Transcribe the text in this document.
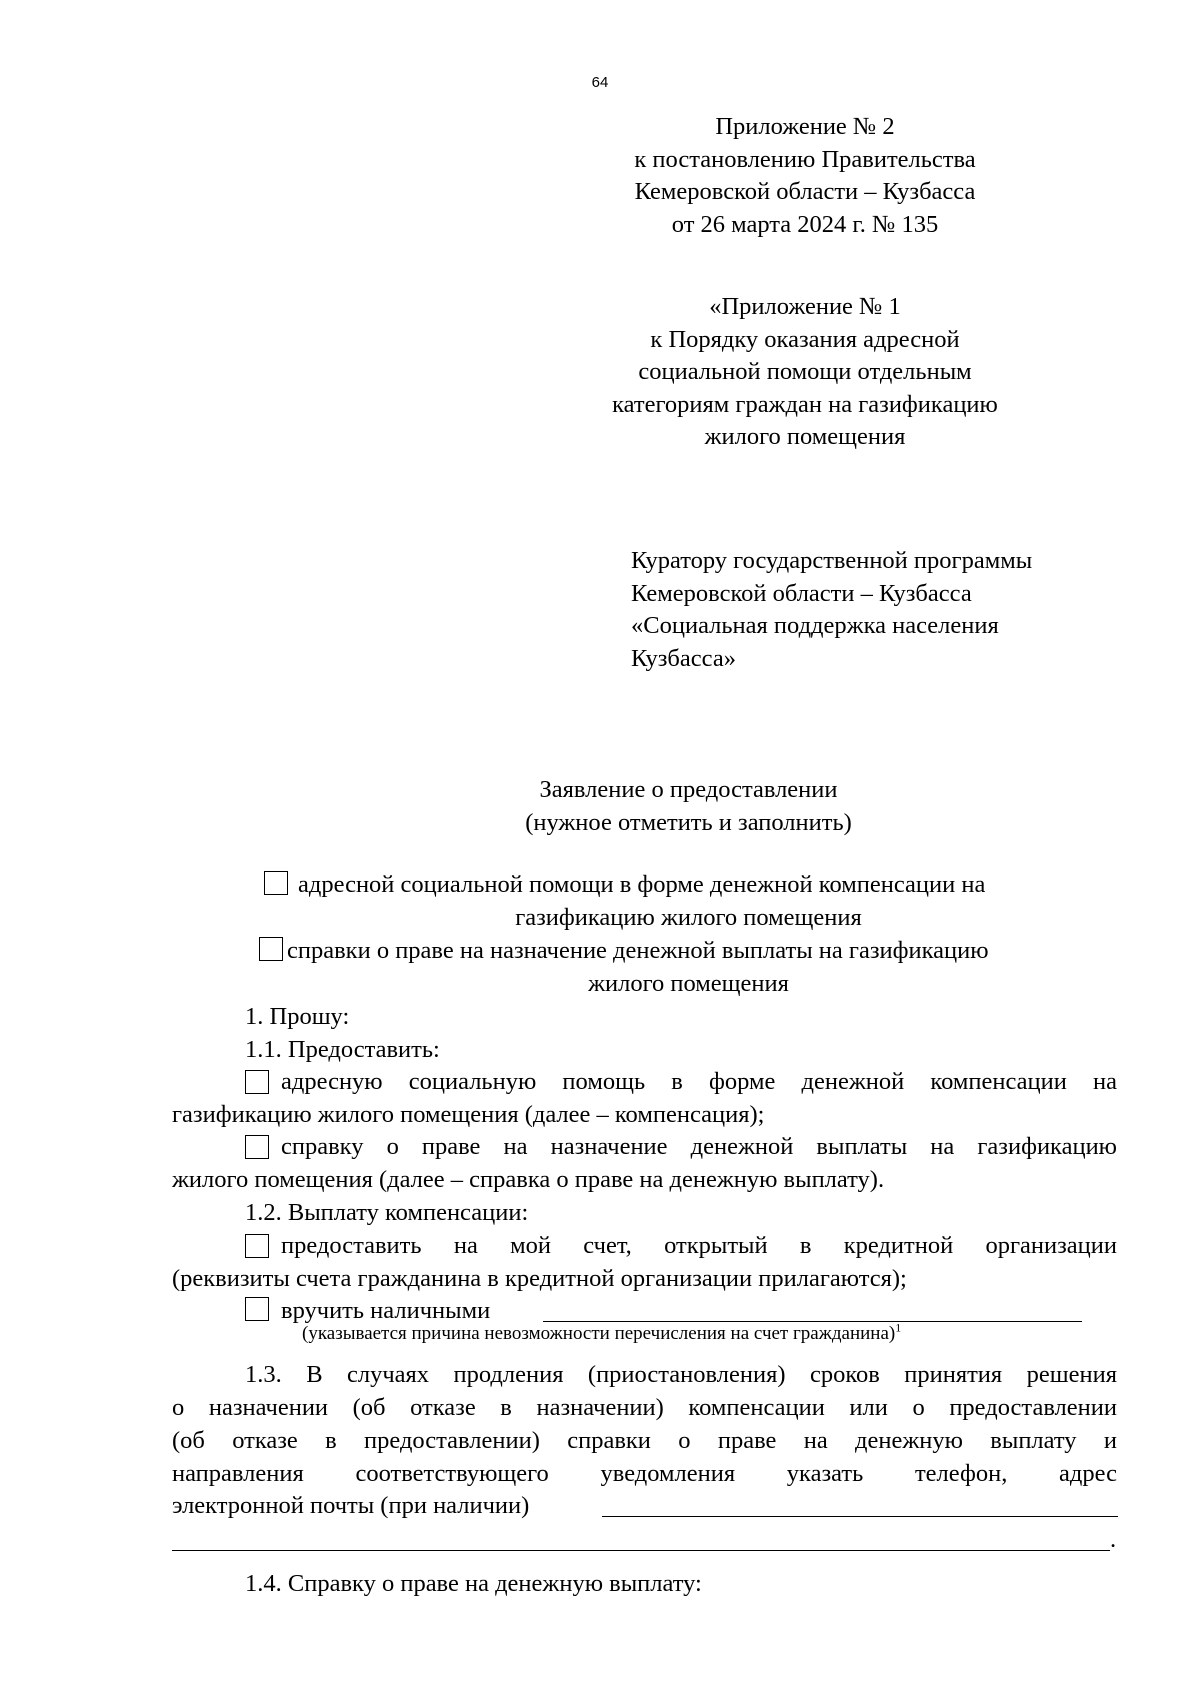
64
Приложение № 2
к постановлению Правительства
Кемеровской области – Кузбасса
от 26 марта 2024 г. № 135
«Приложение № 1
к Порядку оказания адресной
социальной помощи отдельным
категориям граждан на газификацию
жилого помещения
Куратору государственной программы
Кемеровской области – Кузбасса
«Социальная поддержка населения
Кузбасса»
Заявление о предоставлении
(нужное отметить и заполнить)
адресной социальной помощи в форме денежной компенсации на
газификацию жилого помещения
справки о праве на назначение денежной выплаты на газификацию
жилого помещения
1. Прошу:
1.1. Предоставить:
адресную социальную помощь в форме денежной компенсации на
газификацию жилого помещения (далее – компенсация);
справку о праве на назначение денежной выплаты на газификацию
жилого помещения (далее – справка о праве на денежную выплату).
1.2. Выплату компенсации:
предоставить на мой счет, открытый в кредитной организации
(реквизиты счета гражданина в кредитной организации прилагаются);
вручить наличными
(указывается причина невозможности перечисления на счет гражданина)$^1$
1.3. В случаях продления (приостановления) сроков принятия решения
о назначении (об отказе в назначении) компенсации или о предоставлении
(об отказе в предоставлении) справки о праве на денежную выплату и
направления соответствующего уведомления указать телефон, адрес
электронной почты (при наличии)
.
1.4. Справку о праве на денежную выплату:
